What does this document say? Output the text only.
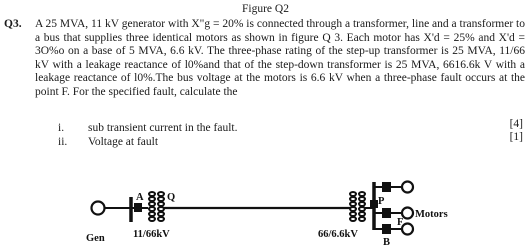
Figure Q2
Q3. A 25 MVA, 11 kV generator with X"g = 20% is connected through a transformer, line and a transformer to a bus that supplies three identical motors as shown in figure Q 3. Each motor has X'd = 25% and X'd = 3O%o on a base of 5 MVA, 6.6 kV. The three-phase rating of the step-up transformer is 25 MVA, 11/66 kV with a leakage reactance of l0%and that of the step-down transformer is 25 MVA, 6616.6k V with a leakage reactance of l0%.The bus voltage at the motors is 6.6 kV when a three-phase fault occurs at the point F. For the specified fault, calculate the

i.	sub transient current in the fault.
ii.	Voltage at fault
[4]
[1]
A Q
Gen	11/66kV	66/6.6kV
P
F
B
Motors
